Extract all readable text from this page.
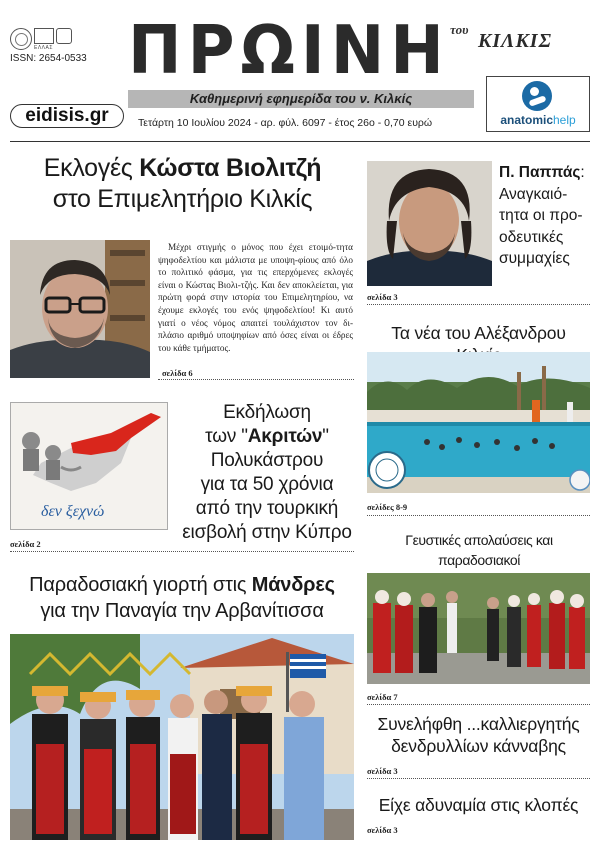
ΕΛΛΑΣ
ISSN: 2654-0533 ΠΡΩΙΝΗ του
ΚΙΛΚΙΣ
Καθημερινή εφημερίδα του ν. Κιλκίς
eidisis.gr	Τετάρτη 10 Ιουλίου 2024 - αρ. φύλ. 6097 - έτος 26ο - 0,70 ευρώ	anatomichelp
Εκλογές Κώστα Βιολιτζή
στο Επιμελητήριο Κιλκίς
Μέχρι στιγμής ο μόνος που έχει ετοιμό-τητα ψηφοδελτίου και μάλιστα με υποψη-φίους από όλο το πολιτικό φάσμα, για τις επερχόμενες εκλογές είναι ο Κώστας Βιολι-τζής. Και δεν αποκλείεται, για πρώτη φορά στην ιστορία του Επιμελητηρίου, να έχουμε εκλογές του ενός ψηφοδελτίου! Κι αυτό γιατί ο νέος νόμος απαιτεί τουλάχιστον τον δι-πλάσιο αριθμό υποψηφίων από όσες είναι οι έδρες του κάθε τμήματος.
σελίδα 6
Π. Παππάς:
Αναγκαιό-
τητα οι προ-
οδευτικές
συμμαχίες
σελίδα 3
Τα νέα του Αλέξανδρου
σελίδες 8-9
δεν ξεχνώ
Εκδήλωση
των "Ακριτών"
Πολυκάστρου
για τα 50 χρόνια
από την τουρκική
εισβολή στην Κύπρο
σελίδα 2	Γευστικές απολαύσεις και παραδοσιακοί

σελίδα 7
Παραδοσιακή γιορτή στις Μάνδρες
για την Παναγία την Αρβανίτισσα
Συνελήφθη ...καλλιεργητής
δενδρυλλίων κάνναβης
σελίδα 3
Είχε αδυναμία στις κλοπές
σελίδα 3
